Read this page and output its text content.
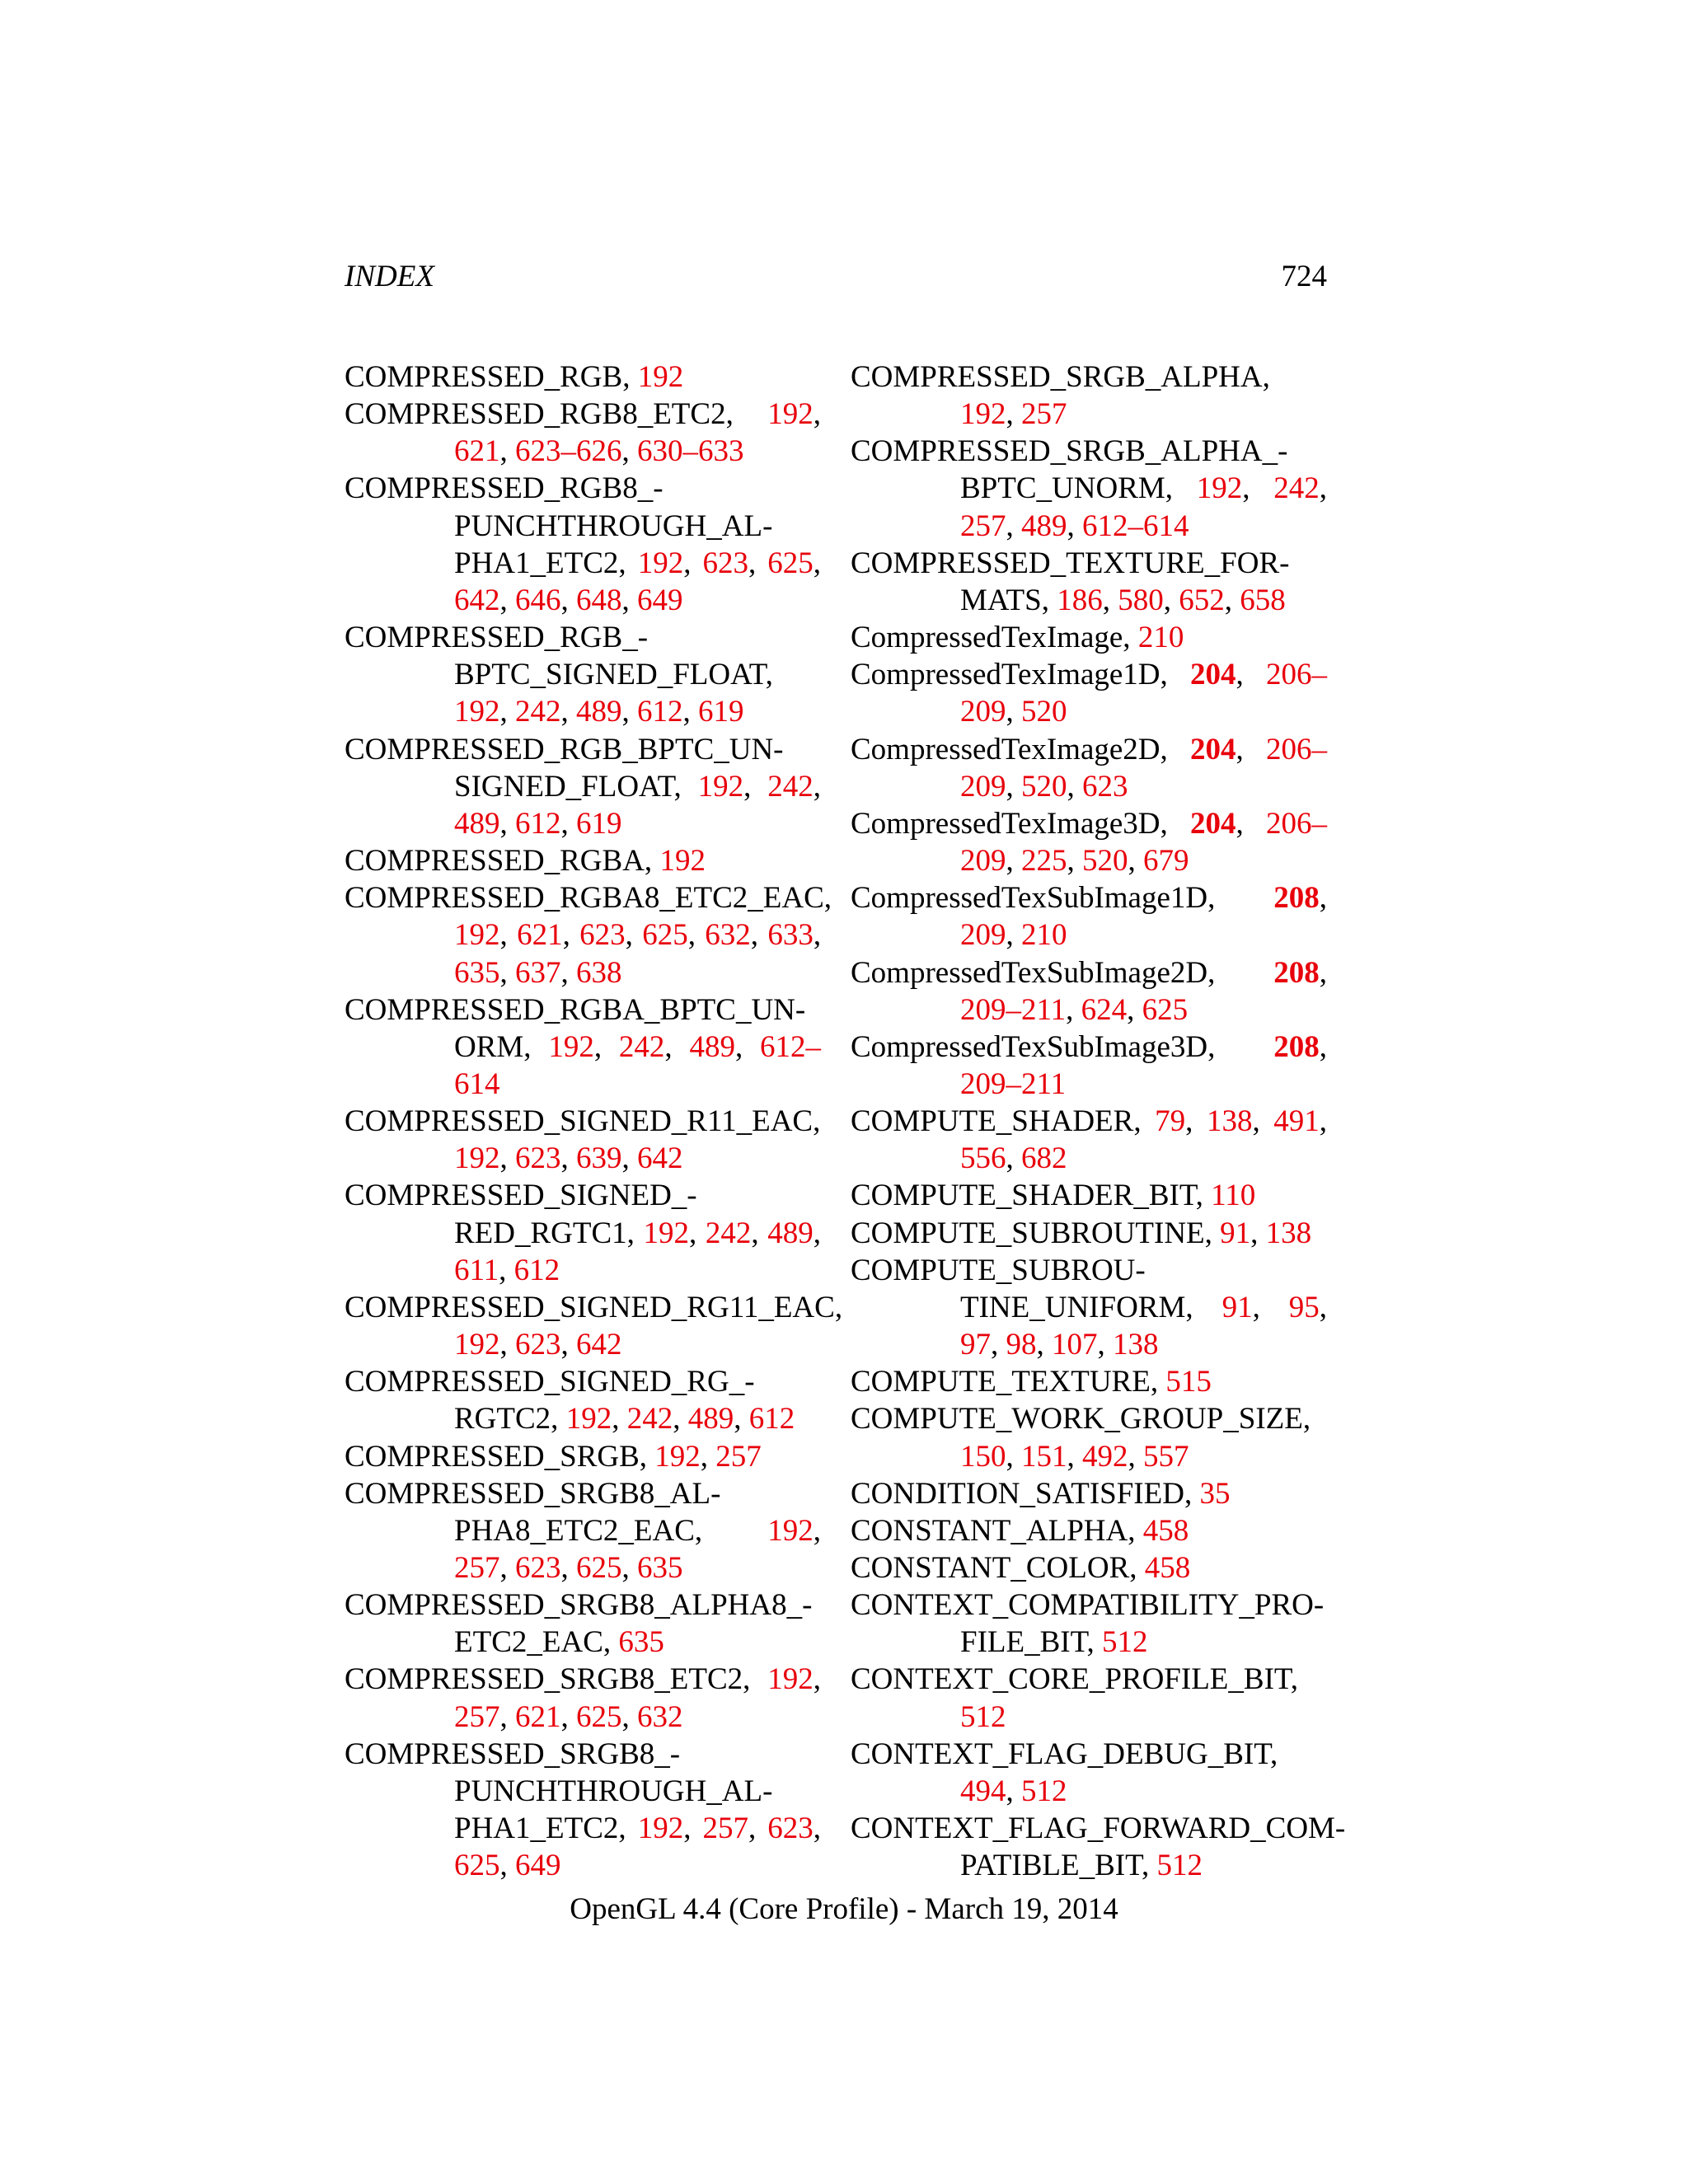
INDEX	724

COMPRESSED_RGB, 192

COMPRESSED_RGB8_ETC2, 192, 621, 623–626, 630–633

COMPRESSED_RGB8_- PUNCHTHROUGH_AL- PHA1_ETC2, 192, 623, 625, 642, 646, 648, 649

COMPRESSED_RGB_- BPTC_SIGNED_FLOAT, 192, 242, 489, 612, 619

COMPRESSED_RGB_BPTC_UN- SIGNED_FLOAT, 192, 242, 489, 612, 619

COMPRESSED_RGBA, 192

COMPRESSED_RGBA8_ETC2_EAC, 192, 621, 623, 625, 632, 633, 635, 637, 638

COMPRESSED_RGBA_BPTC_UN- ORM, 192, 242, 489, 612–614

COMPRESSED_SIGNED_R11_EAC, 192, 623, 639, 642

COMPRESSED_SIGNED_- RED_RGTC1, 192, 242, 489, 611, 612

COMPRESSED_SIGNED_RG11_EAC, 192, 623, 642

COMPRESSED_SIGNED_RG_- RGTC2, 192, 242, 489, 612

COMPRESSED_SRGB, 192, 257

COMPRESSED_SRGB8_AL- PHA8_ETC2_EAC, 192, 257, 623, 625, 635

COMPRESSED_SRGB8_ALPHA8_- ETC2_EAC, 635

COMPRESSED_SRGB8_ETC2, 192, 257, 621, 625, 632

COMPRESSED_SRGB8_- PUNCHTHROUGH_AL- PHA1_ETC2, 192, 257, 623, 625, 649

COMPRESSED_SRGB_ALPHA, 192, 257

COMPRESSED_SRGB_ALPHA_- BPTC_UNORM, 192, 242, 257, 489, 612–614

COMPRESSED_TEXTURE_FOR- MATS, 186, 580, 652, 658

CompressedTexImage, 210

CompressedTexImage1D, 204, 206–209, 520

CompressedTexImage2D, 204, 206–209, 520, 623

CompressedTexImage3D, 204, 206–209, 225, 520, 679

CompressedTexSubImage1D, 208, 209, 210

CompressedTexSubImage2D, 208, 209–211, 624, 625

CompressedTexSubImage3D, 208, 209–211

COMPUTE_SHADER, 79, 138, 491, 556, 682

COMPUTE_SHADER_BIT, 110

COMPUTE_SUBROUTINE, 91, 138

COMPUTE_SUBROU- TINE_UNIFORM, 91, 95, 97, 98, 107, 138

COMPUTE_TEXTURE, 515

COMPUTE_WORK_GROUP_SIZE, 150, 151, 492, 557

CONDITION_SATISFIED, 35

CONSTANT_ALPHA, 458

CONSTANT_COLOR, 458

CONTEXT_COMPATIBILITY_PRO- FILE_BIT, 512

CONTEXT_CORE_PROFILE_BIT, 512

CONTEXT_FLAG_DEBUG_BIT, 494, 512

CONTEXT_FLAG_FORWARD_COM- PATIBLE_BIT, 512

OpenGL 4.4 (Core Profile) - March 19, 2014
